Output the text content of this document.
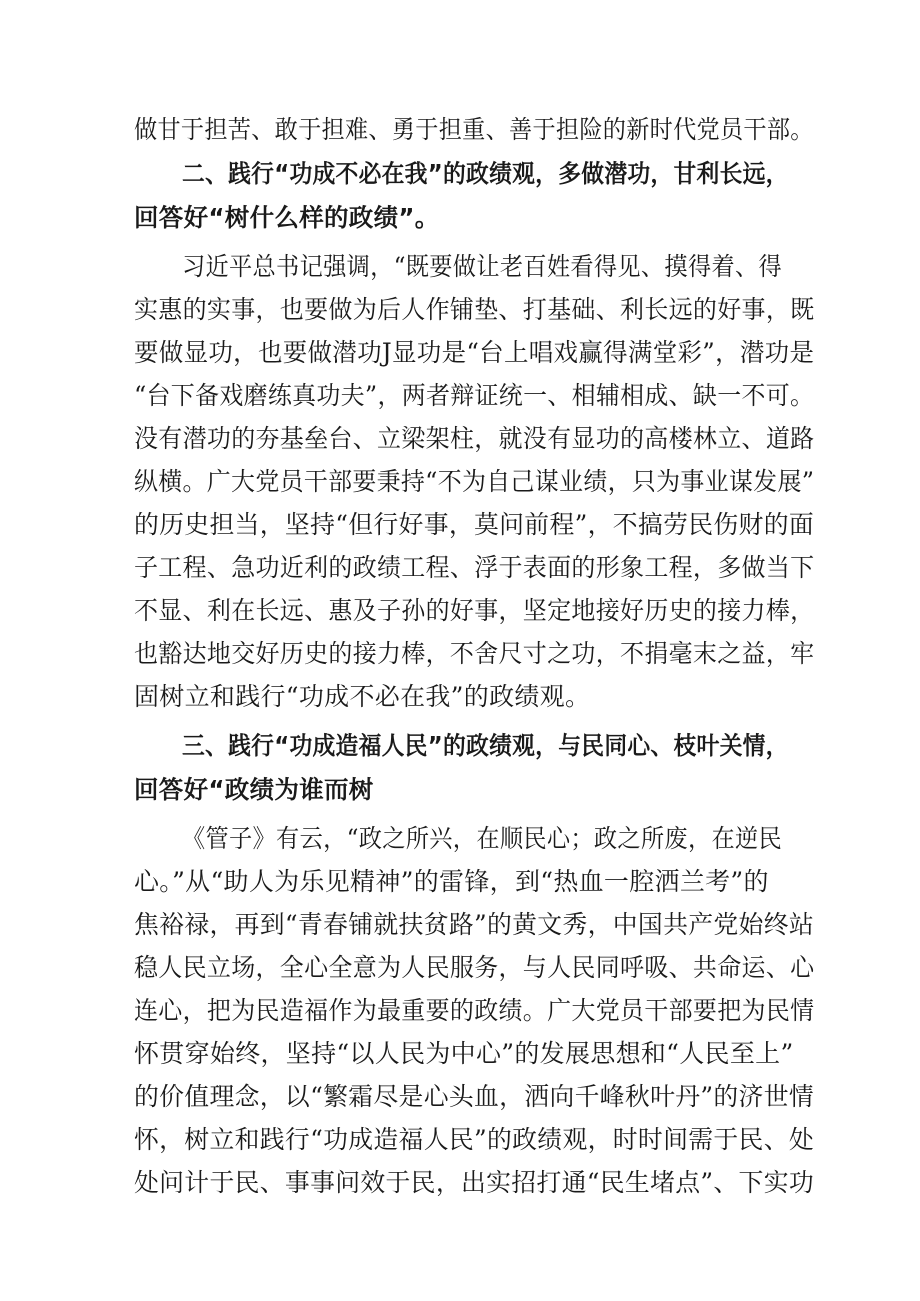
做甘于担苦、敢于担难、勇于担重、善于担险的新时代党员干部。
二、践行“功成不必在我”的政绩观，多做潜功，甘利长远，
回答好“树什么样的政绩”。
习近平总书记强调，“既要做让老百姓看得见、摸得着、得
实惠的实事，也要做为后人作铺垫、打基础、利长远的好事，既
要做显功，也要做潜功J显功是“台上唱戏赢得满堂彩”，潜功是
“台下备戏磨练真功夫”，两者辩证统一、相辅相成、缺一不可。
没有潜功的夯基垒台、立梁架柱，就没有显功的高楼林立、道路
纵横。广大党员干部要秉持“不为自己谋业绩，只为事业谋发展”
的历史担当，坚持“但行好事，莫问前程”，不搞劳民伤财的面
子工程、急功近利的政绩工程、浮于表面的形象工程，多做当下
不显、利在长远、惠及子孙的好事，坚定地接好历史的接力棒，
也豁达地交好历史的接力棒，不舍尺寸之功，不捐毫末之益，牢
固树立和践行“功成不必在我”的政绩观。
三、践行“功成造福人民”的政绩观，与民同心、枝叶关情，
回答好“政绩为谁而树
《管子》有云，“政之所兴，在顺民心；政之所废，在逆民
心。”从“助人为乐见精神”的雷锋，到“热血一腔洒兰考”的
焦裕禄，再到“青春铺就扶贫路”的黄文秀，中国共产党始终站
稳人民立场，全心全意为人民服务，与人民同呼吸、共命运、心
连心，把为民造福作为最重要的政绩。广大党员干部要把为民情
怀贯穿始终，坚持“以人民为中心”的发展思想和“人民至上”
的价值理念，以“繁霜尽是心头血，洒向千峰秋叶丹”的济世情
怀，树立和践行“功成造福人民”的政绩观，时时间需于民、处
处问计于民、事事问效于民，出实招打通“民生堵点”、下实功
